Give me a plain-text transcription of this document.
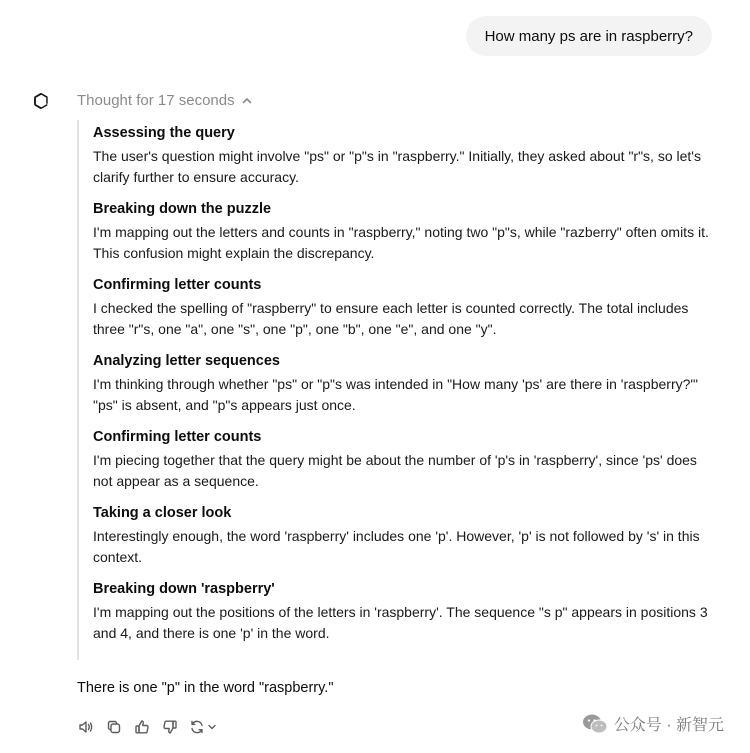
How many ps are in raspberry?
Thought for 17 seconds
Assessing the query
The user's question might involve "ps" or "p"s in "raspberry." Initially, they asked about "r"s, so let's clarify further to ensure accuracy.
Breaking down the puzzle
I'm mapping out the letters and counts in "raspberry," noting two "p"s, while "razberry" often omits it. This confusion might explain the discrepancy.
Confirming letter counts
I checked the spelling of "raspberry" to ensure each letter is counted correctly. The total includes three "r"s, one "a", one "s", one "p", one "b", one "e", and one "y".
Analyzing letter sequences
I'm thinking through whether "ps" or "p"s was intended in "How many 'ps' are there in 'raspberry?'" "ps" is absent, and "p"s appears just once.
Confirming letter counts
I'm piecing together that the query might be about the number of 'p's in 'raspberry', since 'ps' does not appear as a sequence.
Taking a closer look
Interestingly enough, the word 'raspberry' includes one 'p'. However, 'p' is not followed by 's' in this context.
Breaking down 'raspberry'
I'm mapping out the positions of the letters in 'raspberry'. The sequence "s p" appears in positions 3 and 4, and there is one 'p' in the word.
There is one "p" in the word "raspberry."
公众号 · 新智元
